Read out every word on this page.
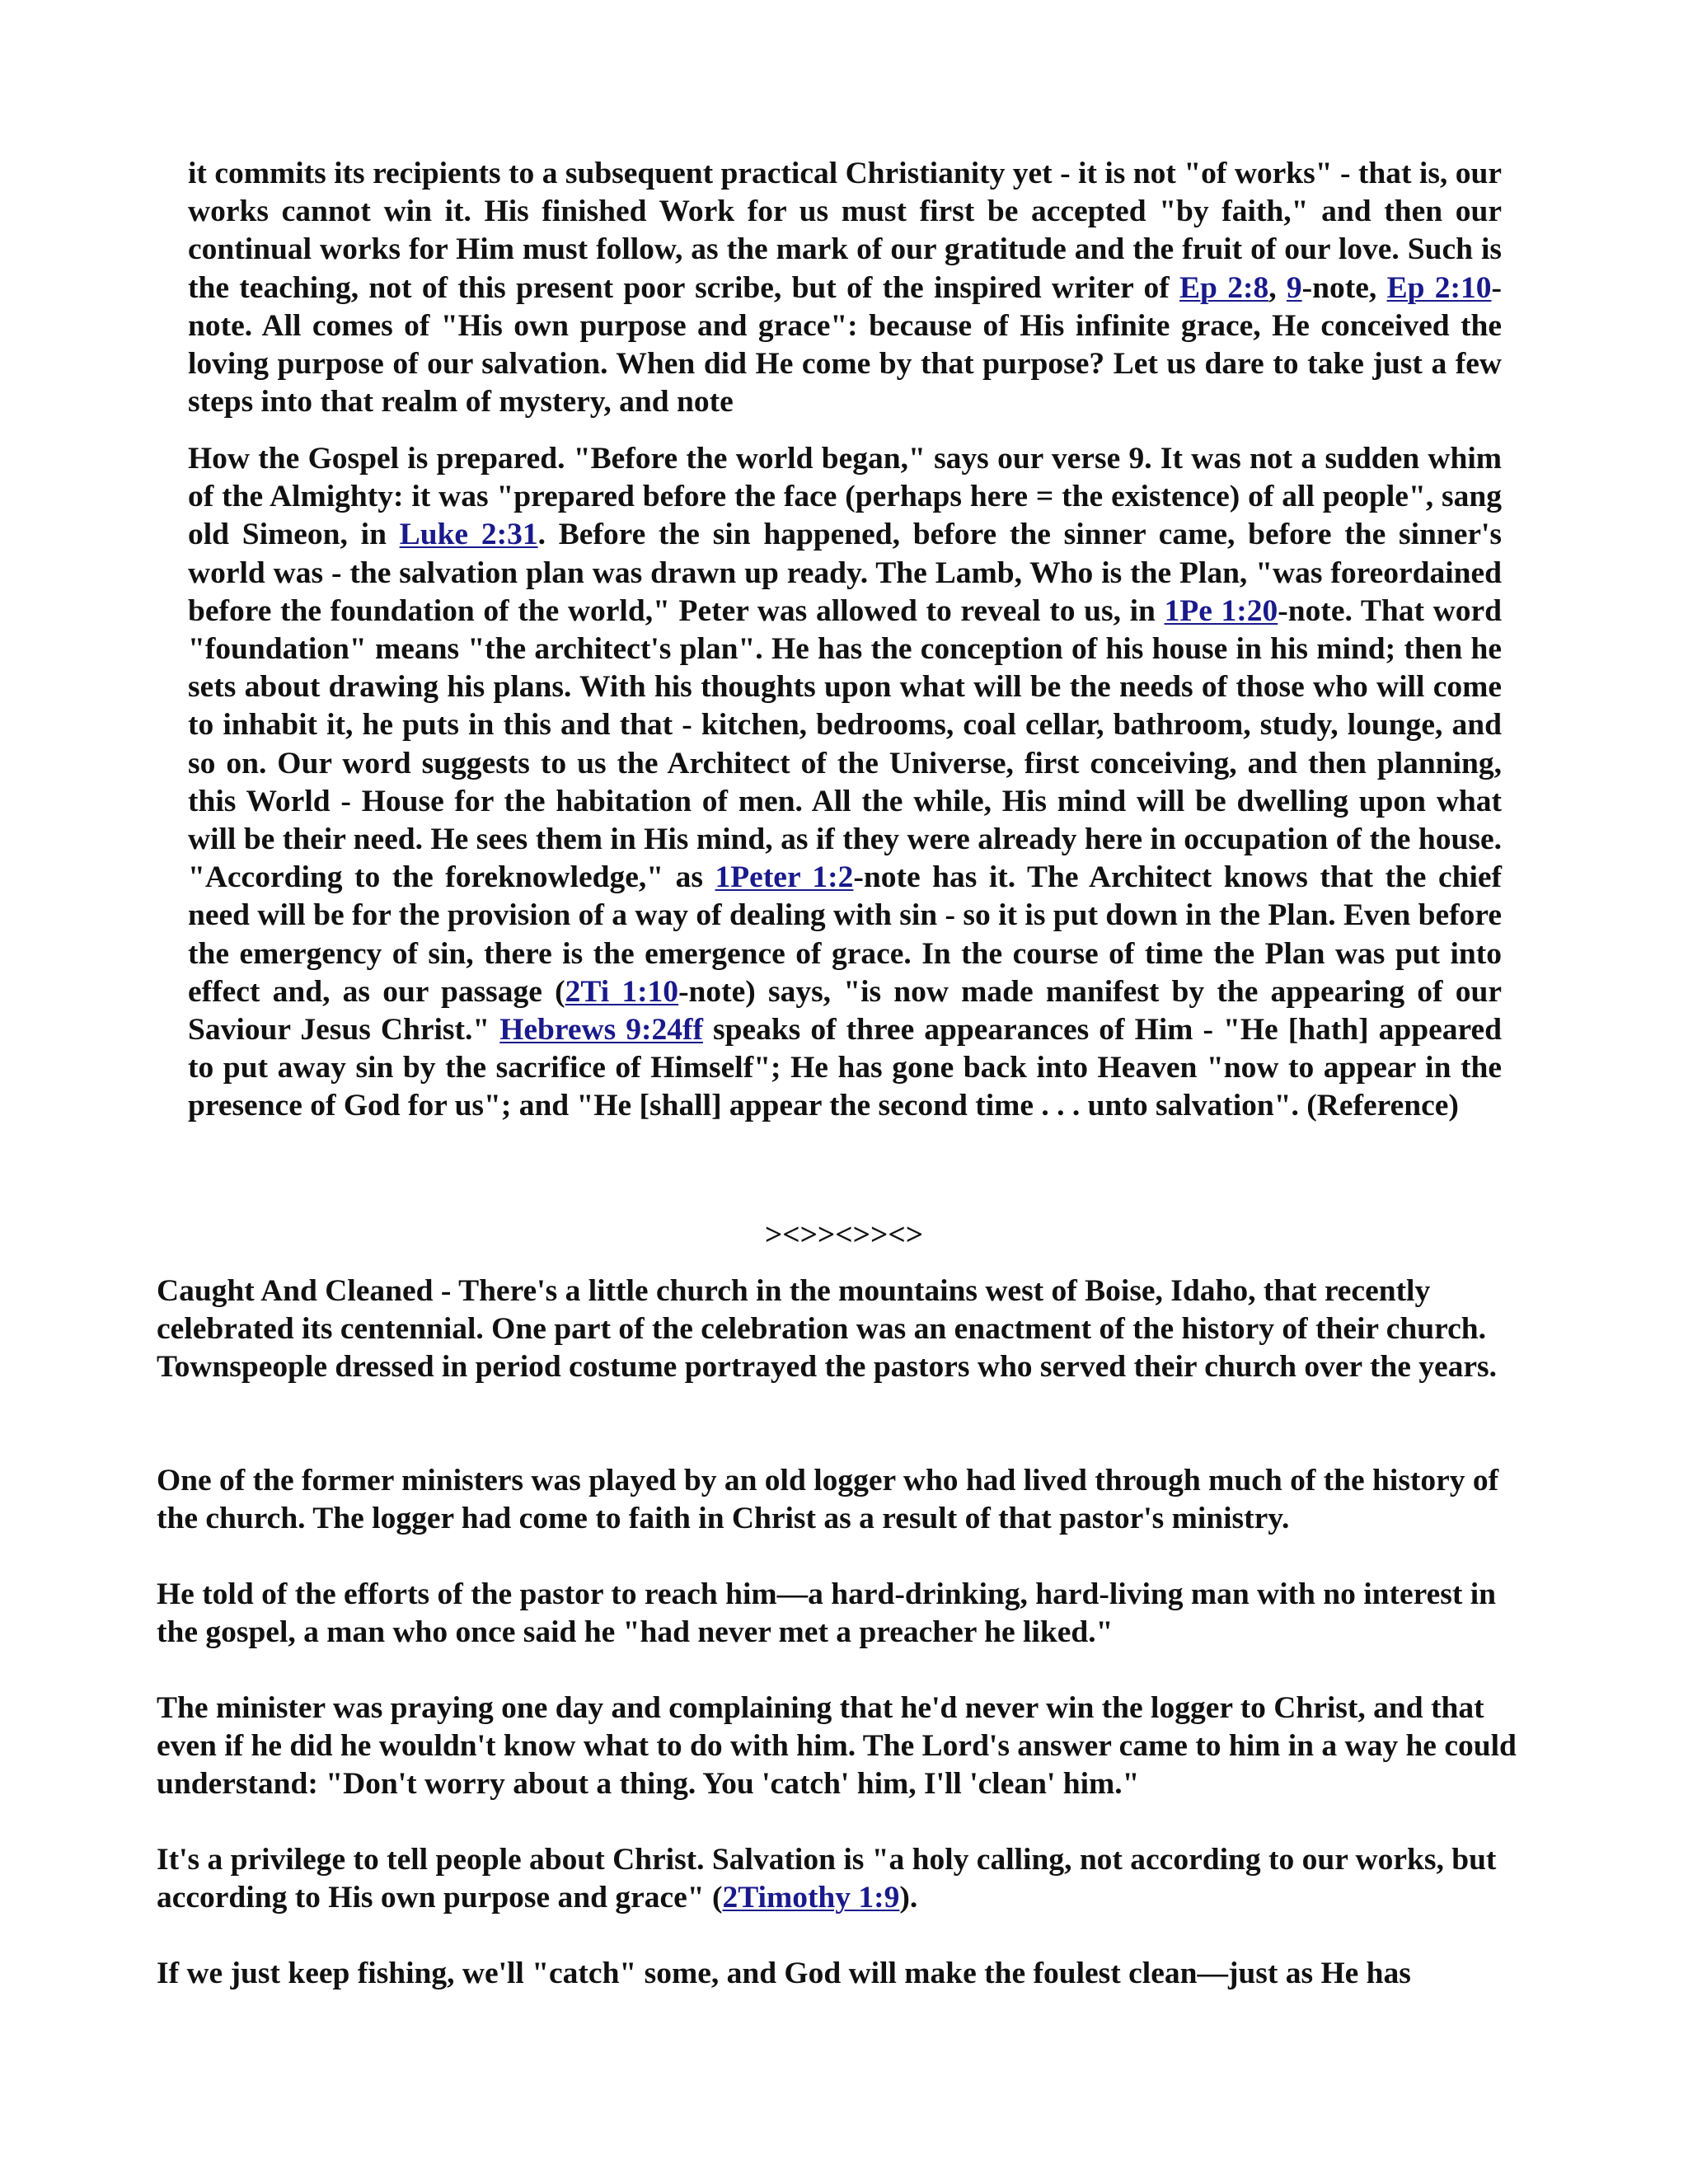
it commits its recipients to a subsequent practical Christianity yet - it is not "of works" - that is, our works cannot win it. His finished Work for us must first be accepted "by faith," and then our continual works for Him must follow, as the mark of our gratitude and the fruit of our love. Such is the teaching, not of this present poor scribe, but of the inspired writer of Ep 2:8, 9-note, Ep 2:10-note. All comes of "His own purpose and grace": because of His infinite grace, He conceived the loving purpose of our salvation. When did He come by that purpose? Let us dare to take just a few steps into that realm of mystery, and note

How the Gospel is prepared. "Before the world began," says our verse 9. It was not a sudden whim of the Almighty: it was "prepared before the face (perhaps here = the existence) of all people", sang old Simeon, in Luke 2:31. Before the sin happened, before the sinner came, before the sinner's world was - the salvation plan was drawn up ready. The Lamb, Who is the Plan, "was foreordained before the foundation of the world," Peter was allowed to reveal to us, in 1Pe 1:20-note. That word "foundation" means "the architect's plan". He has the conception of his house in his mind; then he sets about drawing his plans. With his thoughts upon what will be the needs of those who will come to inhabit it, he puts in this and that - kitchen, bedrooms, coal cellar, bathroom, study, lounge, and so on. Our word suggests to us the Architect of the Universe, first conceiving, and then planning, this World - House for the habitation of men. All the while, His mind will be dwelling upon what will be their need. He sees them in His mind, as if they were already here in occupation of the house. "According to the foreknowledge," as 1Peter 1:2-note has it. The Architect knows that the chief need will be for the provision of a way of dealing with sin - so it is put down in the Plan. Even before the emergency of sin, there is the emergence of grace. In the course of time the Plan was put into effect and, as our passage (2Ti 1:10-note) says, "is now made manifest by the appearing of our Saviour Jesus Christ." Hebrews 9:24ff speaks of three appearances of Him - "He [hath] appeared to put away sin by the sacrifice of Himself"; He has gone back into Heaven "now to appear in the presence of God for us"; and "He [shall] appear the second time . . . unto salvation". (Reference)

><>><>><>

Caught And Cleaned - There's a little church in the mountains west of Boise, Idaho, that recently celebrated its centennial. One part of the celebration was an enactment of the history of their church. Townspeople dressed in period costume portrayed the pastors who served their church over the years.

One of the former ministers was played by an old logger who had lived through much of the history of the church. The logger had come to faith in Christ as a result of that pastor's ministry.

He told of the efforts of the pastor to reach him—a hard-drinking, hard-living man with no interest in the gospel, a man who once said he "had never met a preacher he liked."

The minister was praying one day and complaining that he'd never win the logger to Christ, and that even if he did he wouldn't know what to do with him. The Lord's answer came to him in a way he could understand: "Don't worry about a thing. You 'catch' him, I'll 'clean' him."

It's a privilege to tell people about Christ. Salvation is "a holy calling, not according to our works, but according to His own purpose and grace" (2Timothy 1:9).

If we just keep fishing, we'll "catch" some, and God will make the foulest clean—just as He has
